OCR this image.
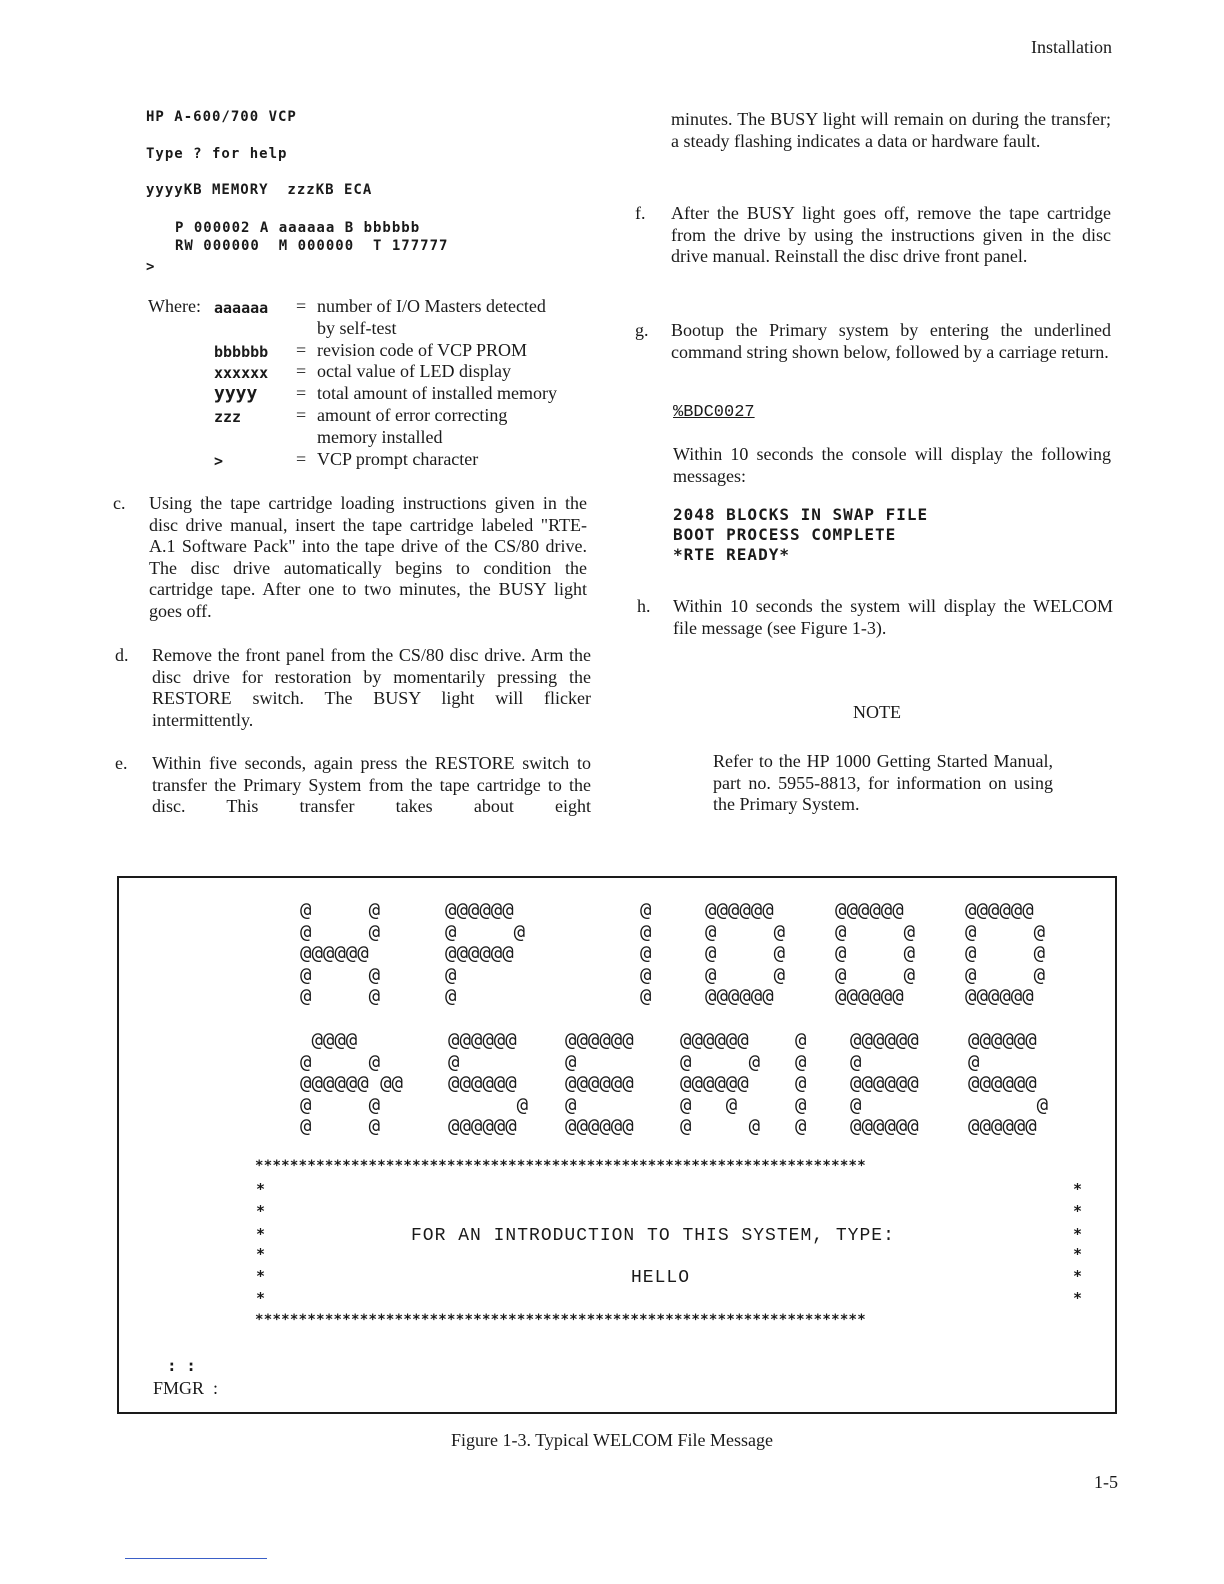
Installation
HP A-600/700 VCP
Type ? for help
yyyyKB MEMORY  zzzKB ECA
P 000002 A aaaaaa B bbbbbb
RW 000000  M 000000  T 177777
>
Where: aaaaaa	= number of I/O Masters detected
by self-test
bbbbbb	= revision code of VCP PROM
xxxxxx	= octal value of LED display
yyyy	= total amount of installed memory
zzz	= amount of error correcting
memory installed
>	= VCP prompt character
c. Using the tape cartridge loading instructions given in the disc drive manual, insert the tape cartridge labeled "RTE-A.1 Software Pack" into the tape drive of the CS/80 drive. The disc drive automatically begins to condition the cartridge tape. After one to two minutes, the BUSY light goes off.
d. Remove the front panel from the CS/80 disc drive. Arm the disc drive for restoration by momentarily pressing the RESTORE switch. The BUSY light will flicker intermittently.
e. Within five seconds, again press the RESTORE switch to transfer the Primary System from the tape cartridge to the disc. This transfer takes about eight
minutes. The BUSY light will remain on during the transfer; a steady flashing indicates a data or hardware fault.
f. After the BUSY light goes off, remove the tape cartridge from the drive by using the instructions given in the disc drive manual. Reinstall the disc drive front panel.
g. Bootup the Primary system by entering the underlined command string shown below, followed by a carriage return.
%BDC0027
Within 10 seconds the console will display the following messages:
2048 BLOCKS IN SWAP FILE
BOOT PROCESS COMPLETE
*RTE READY*
h. Within 10 seconds the system will display the WELCOM file message (see Figure 1-3).
NOTE
Refer to the HP 1000 Getting Started Manual, part no. 5955-8813, for information on using the Primary System.
@     @
@     @
@@@@@@
@     @
@     @
@@@@@@
@     @
@@@@@@
@
@
@
@
@
@
@
@@@@@@
@     @
@     @
@     @
@@@@@@
@@@@@@
@     @
@     @
@     @
@@@@@@
@@@@@@
@     @
@     @
@     @
@@@@@@
@@@@
@     @
@@@@@@ @@
@     @
@     @
@@@@@@
@
@@@@@@
@
@@@@@@
@@@@@@
@
@@@@@@
@
@@@@@@
@@@@@@
@     @
@@@@@@
@   @
@     @
@
@
@
@
@
@@@@@@
@
@@@@@@
@
@@@@@@
@@@@@@
@
@@@@@@
@
@@@@@@
**********************************************************************
*	*
*	*
*	*
*	*
*	*
*	*
**********************************************************************
FOR AN INTRODUCTION TO THIS SYSTEM, TYPE:
HELLO
: :
FMGR  :
Figure 1-3. Typical WELCOM File Message
1-5
